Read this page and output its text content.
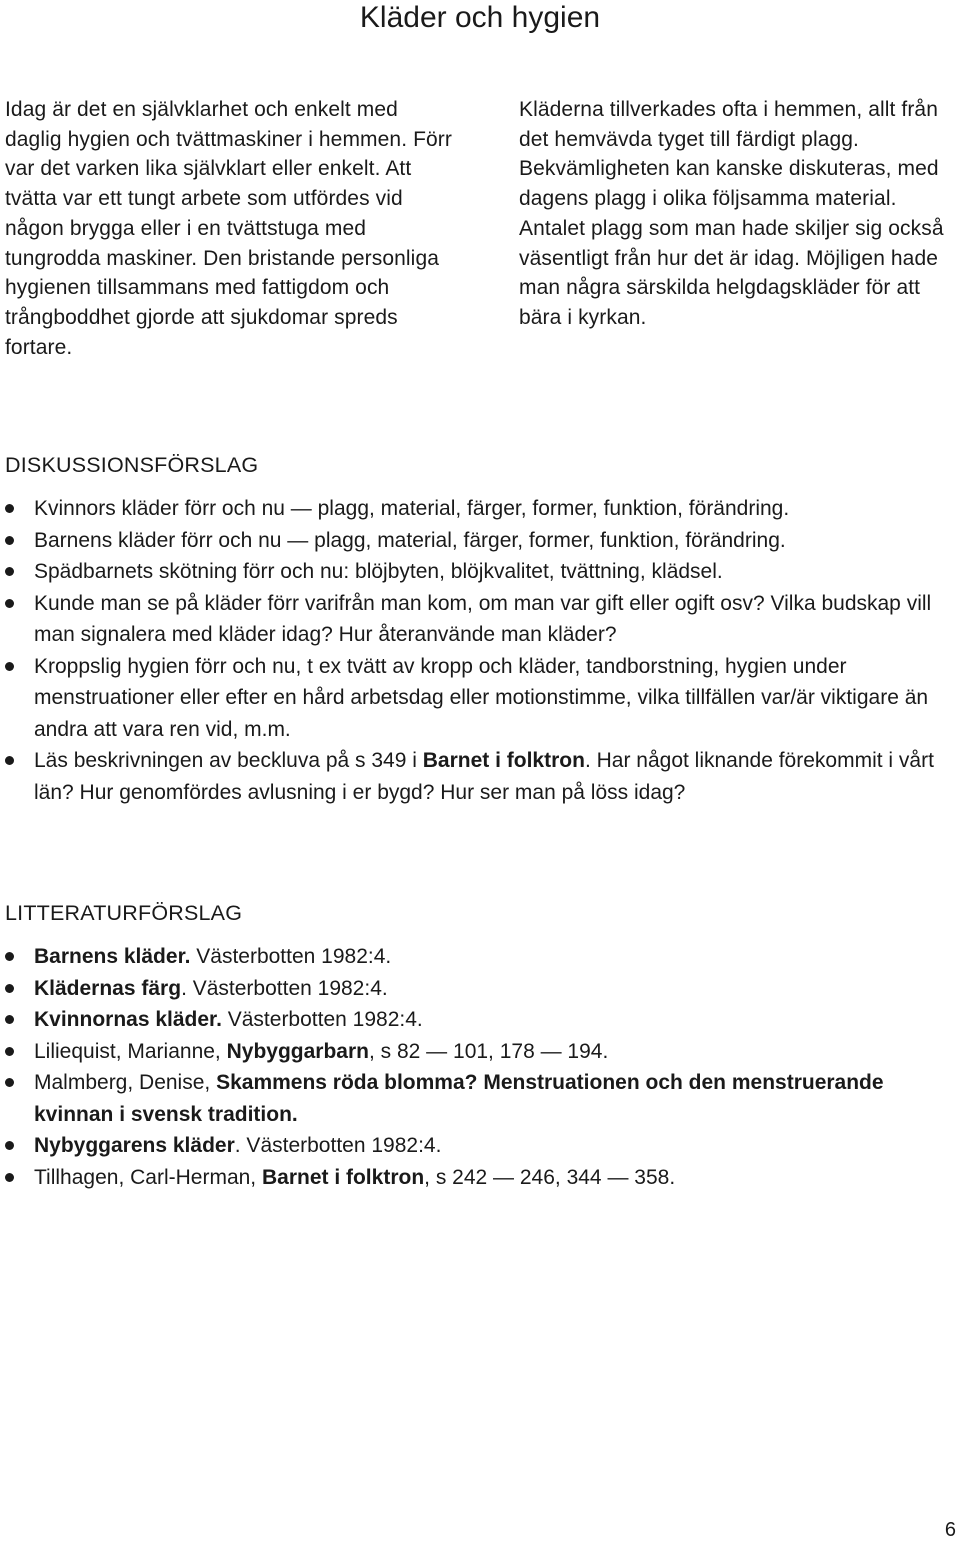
Kläder och hygien

Idag är det en självklarhet och enkelt med daglig hygien och tvättmaskiner i hemmen. Förr var det varken lika självklart eller enkelt. Att tvätta var ett tungt arbete som utfördes vid någon brygga eller i en tvättstuga med tungrodda maskiner. Den bristande personliga hygienen tillsammans med fattigdom och trångboddhet gjorde att sjukdomar spreds fortare.

Kläderna tillverkades ofta i hemmen, allt från det hemvävda tyget till färdigt plagg. Bekvämligheten kan kanske diskuteras, med dagens plagg i olika följsamma material. Antalet plagg som man hade skiljer sig också väsentligt från hur det är idag. Möjligen hade man några särskilda helgdagskläder för att bära i kyrkan.

DISKUSSIONSFÖRSLAG
Kvinnors kläder förr och nu — plagg, material, färger, former, funktion, förändring.
Barnens kläder förr och nu — plagg, material, färger, former, funktion, förändring.
Spädbarnets skötning förr och nu: blöjbyten, blöjkvalitet, tvättning, klädsel.
Kunde man se på kläder förr varifrån man kom, om man var gift eller ogift osv? Vilka budskap vill man signalera med kläder idag? Hur återanvände man kläder?
Kroppslig hygien förr och nu, t ex tvätt av kropp och kläder, tandborstning, hygien under menstruationer eller efter en hård arbetsdag eller motionstimme, vilka tillfällen var/är viktigare än andra att vara ren vid, m.m.
Läs beskrivningen av beckluva på s 349 i Barnet i folktron. Har något liknande förekommit i vårt län? Hur genomfördes avlusning i er bygd? Hur ser man på löss idag?
LITTERATURFÖRSLAG
Barnens kläder. Västerbotten 1982:4.
Klädernas färg. Västerbotten 1982:4.
Kvinnornas kläder. Västerbotten 1982:4.
Liliequist, Marianne, Nybyggarbarn, s 82 — 101, 178 — 194.
Malmberg, Denise, Skammens röda blomma? Menstruationen och den menstruerande kvinnan i svensk tradition.
Nybyggarens kläder. Västerbotten 1982:4.
Tillhagen, Carl-Herman, Barnet i folktron, s 242 — 246, 344 — 358.
6
